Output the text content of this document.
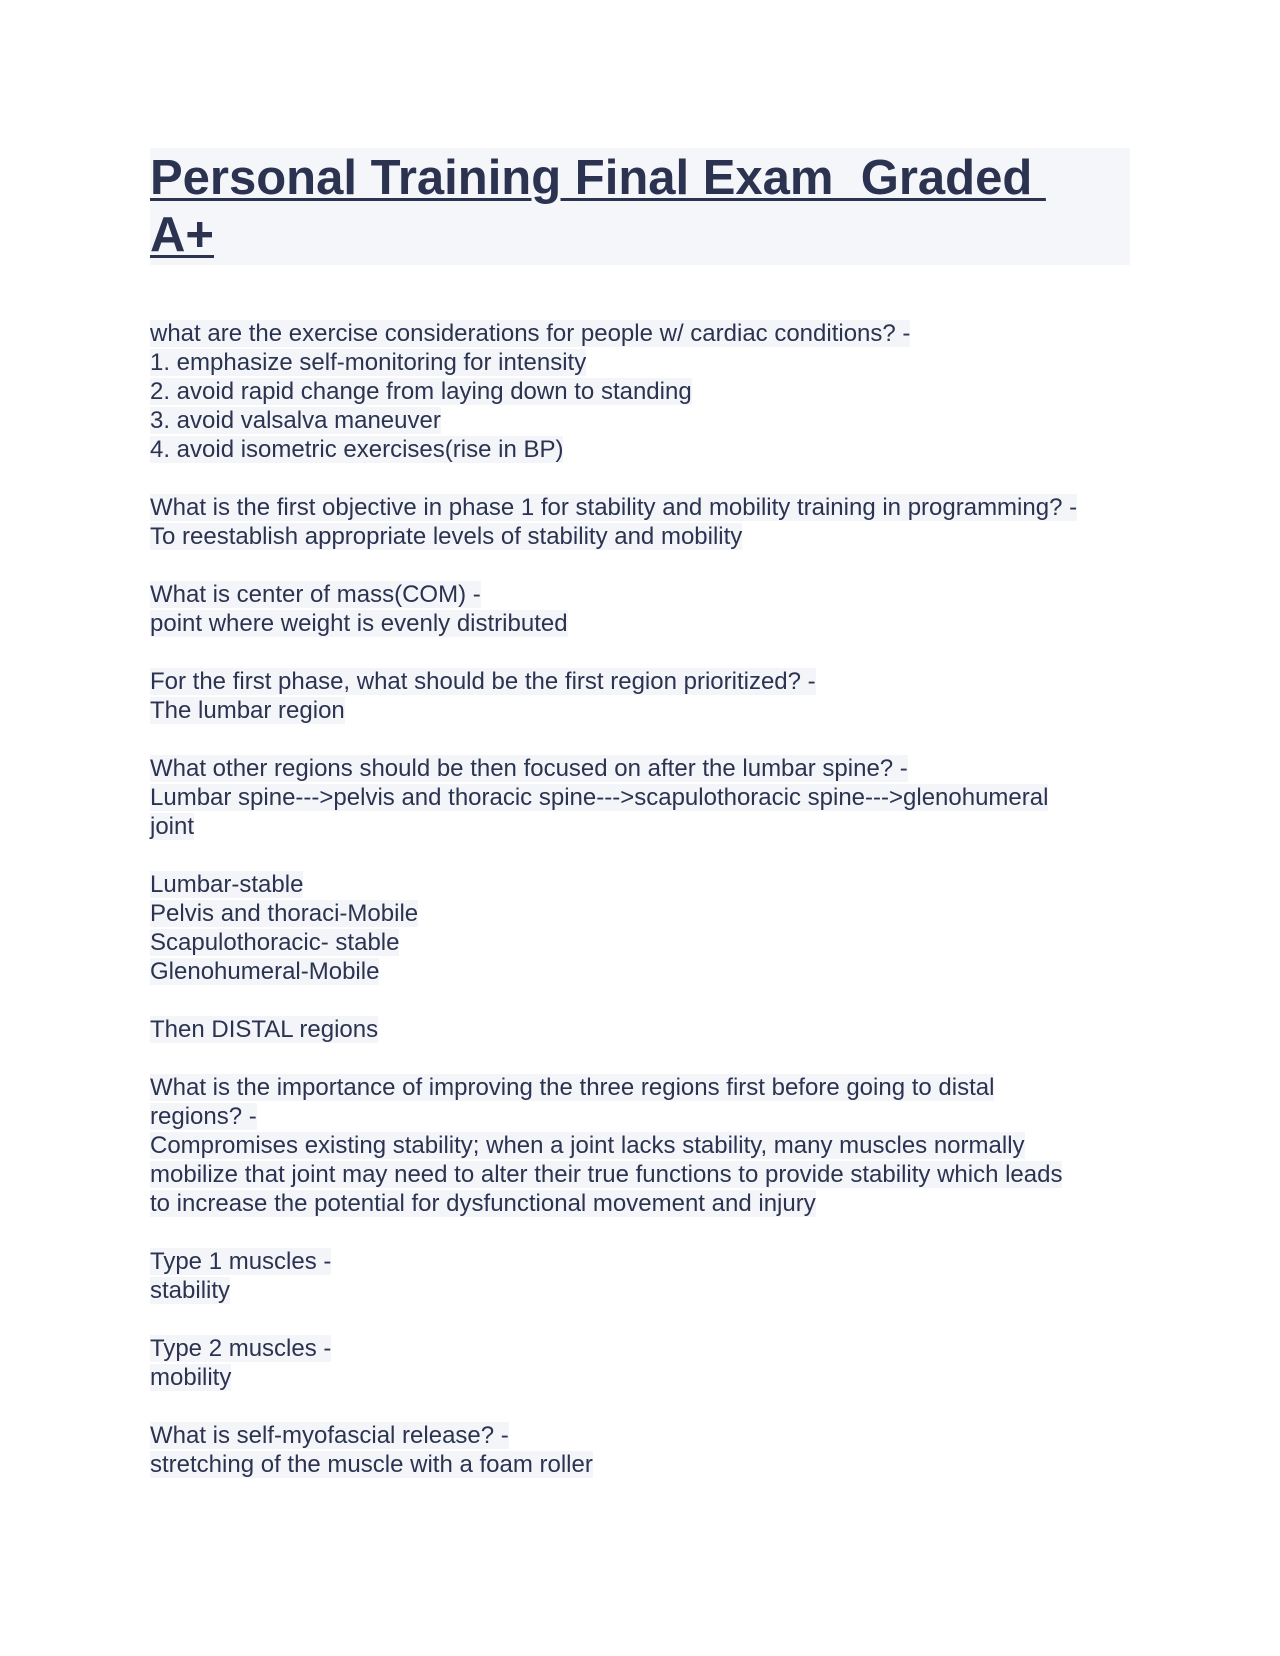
Personal Training Final Exam  Graded
A+
what are the exercise considerations for people w/ cardiac conditions? -
1. emphasize self-monitoring for intensity
2. avoid rapid change from laying down to standing
3. avoid valsalva maneuver
4. avoid isometric exercises(rise in BP)
What is the first objective in phase 1 for stability and mobility training in programming? -
To reestablish appropriate levels of stability and mobility
What is center of mass(COM) -
point where weight is evenly distributed
For the first phase, what should be the first region prioritized? -
The lumbar region
What other regions should be then focused on after the lumbar spine? -
Lumbar spine--->pelvis and thoracic spine--->scapulothoracic spine--->glenohumeral
joint
Lumbar-stable
Pelvis and thoraci-Mobile
Scapulothoracic- stable
Glenohumeral-Mobile
Then DISTAL regions
What is the importance of improving the three regions first before going to distal
regions? -
Compromises existing stability; when a joint lacks stability, many muscles normally
mobilize that joint may need to alter their true functions to provide stability which leads
to increase the potential for dysfunctional movement and injury
Type 1 muscles -
stability
Type 2 muscles -
mobility
What is self-myofascial release? -
stretching of the muscle with a foam roller
